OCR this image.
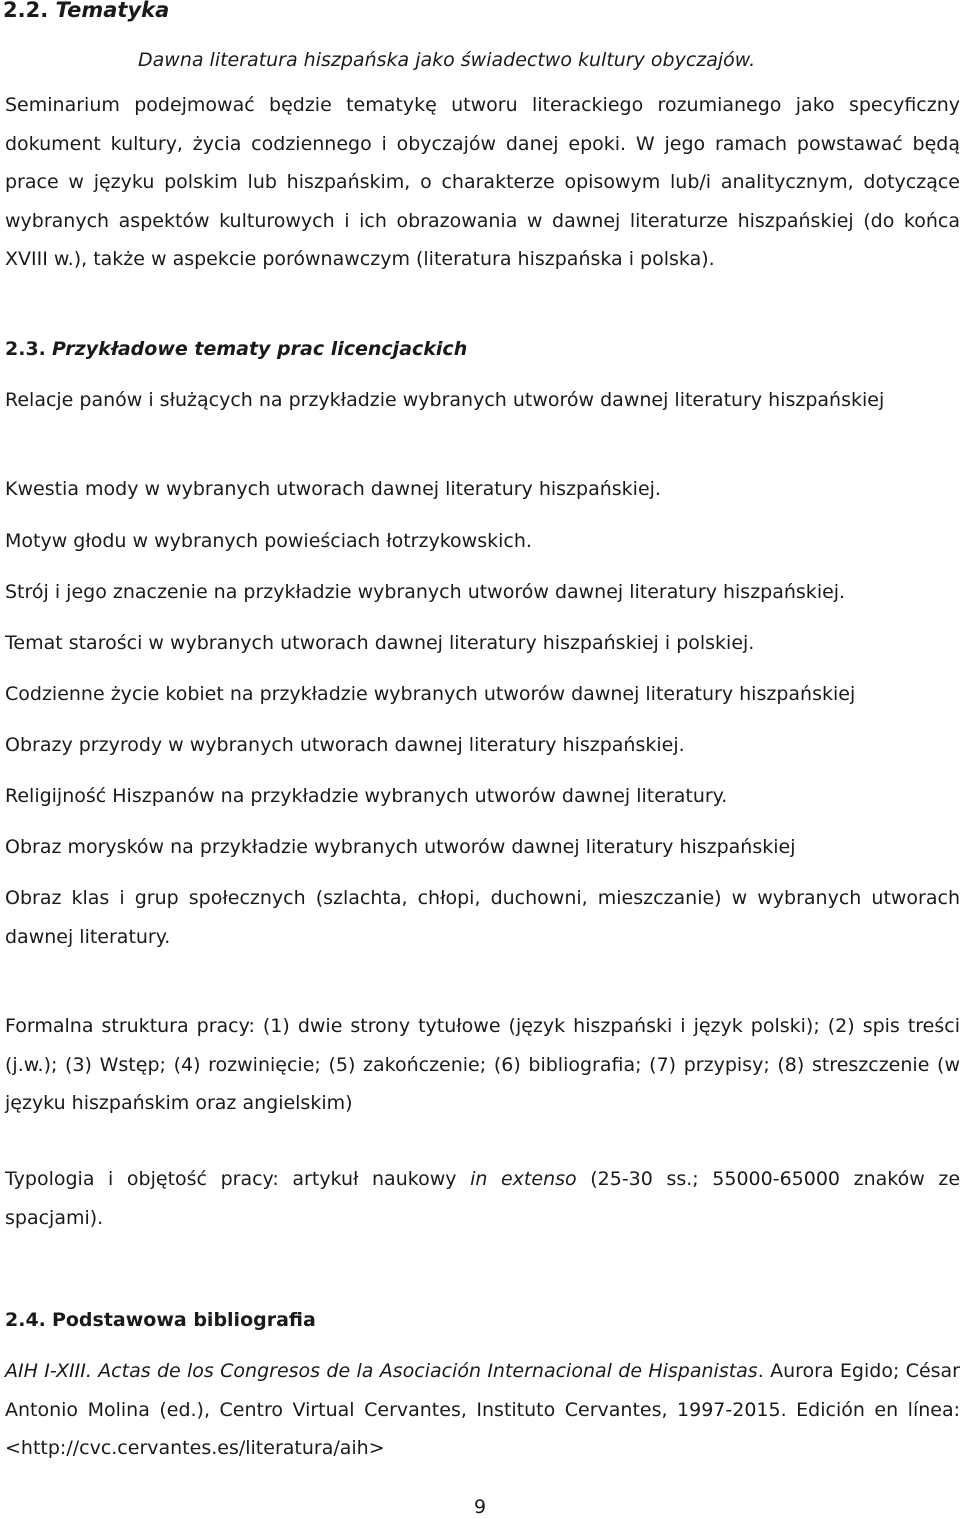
2.2. Tematyka

Dawna literatura hiszpańska jako świadectwo kultury obyczajów.

Seminarium podejmować będzie tematykę utworu literackiego rozumianego jako specyficzny dokument kultury, życia codziennego i obyczajów danej epoki. W jego ramach powstawać będą prace w języku polskim lub hiszpańskim, o charakterze opisowym lub/i analitycznym, dotyczące wybranych aspektów kulturowych i ich obrazowania w dawnej literaturze hiszpańskiej (do końca XVIII w.), także w aspekcie porównawczym (literatura hiszpańska i polska).

2.3. Przykładowe tematy prac licencjackich

Relacje panów i służących na przykładzie wybranych utworów dawnej literatury hiszpańskiej

Kwestia mody w wybranych utworach dawnej literatury hiszpańskiej.

Motyw głodu w wybranych powieściach łotrzykowskich.

Strój i jego znaczenie na przykładzie wybranych utworów dawnej literatury hiszpańskiej.

Temat starości w wybranych utworach dawnej literatury hiszpańskiej i polskiej.

Codzienne życie kobiet na przykładzie wybranych utworów dawnej literatury hiszpańskiej

Obrazy przyrody w wybranych utworach dawnej literatury hiszpańskiej.

Religijność Hiszpanów na przykładzie wybranych utworów dawnej literatury.

Obraz morysków na przykładzie wybranych utworów dawnej literatury hiszpańskiej

Obraz klas i grup społecznych (szlachta, chłopi, duchowni, mieszczanie) w wybranych utworach dawnej literatury.

Formalna struktura pracy: (1) dwie strony tytułowe (język hiszpański i język polski); (2) spis treści (j.w.); (3) Wstęp; (4) rozwinięcie; (5) zakończenie; (6) bibliografia; (7) przypisy; (8) streszczenie (w języku hiszpańskim oraz angielskim)

Typologia i objętość pracy: artykuł naukowy in extenso (25-30 ss.; 55000-65000 znaków ze spacjami).

2.4. Podstawowa bibliografia

AIH I-XIII. Actas de los Congresos de la Asociación Internacional de Hispanistas. Aurora Egido; César Antonio Molina (ed.), Centro Virtual Cervantes, Instituto Cervantes, 1997-2015. Edición en línea: <http://cvc.cervantes.es/literatura/aih>

9
